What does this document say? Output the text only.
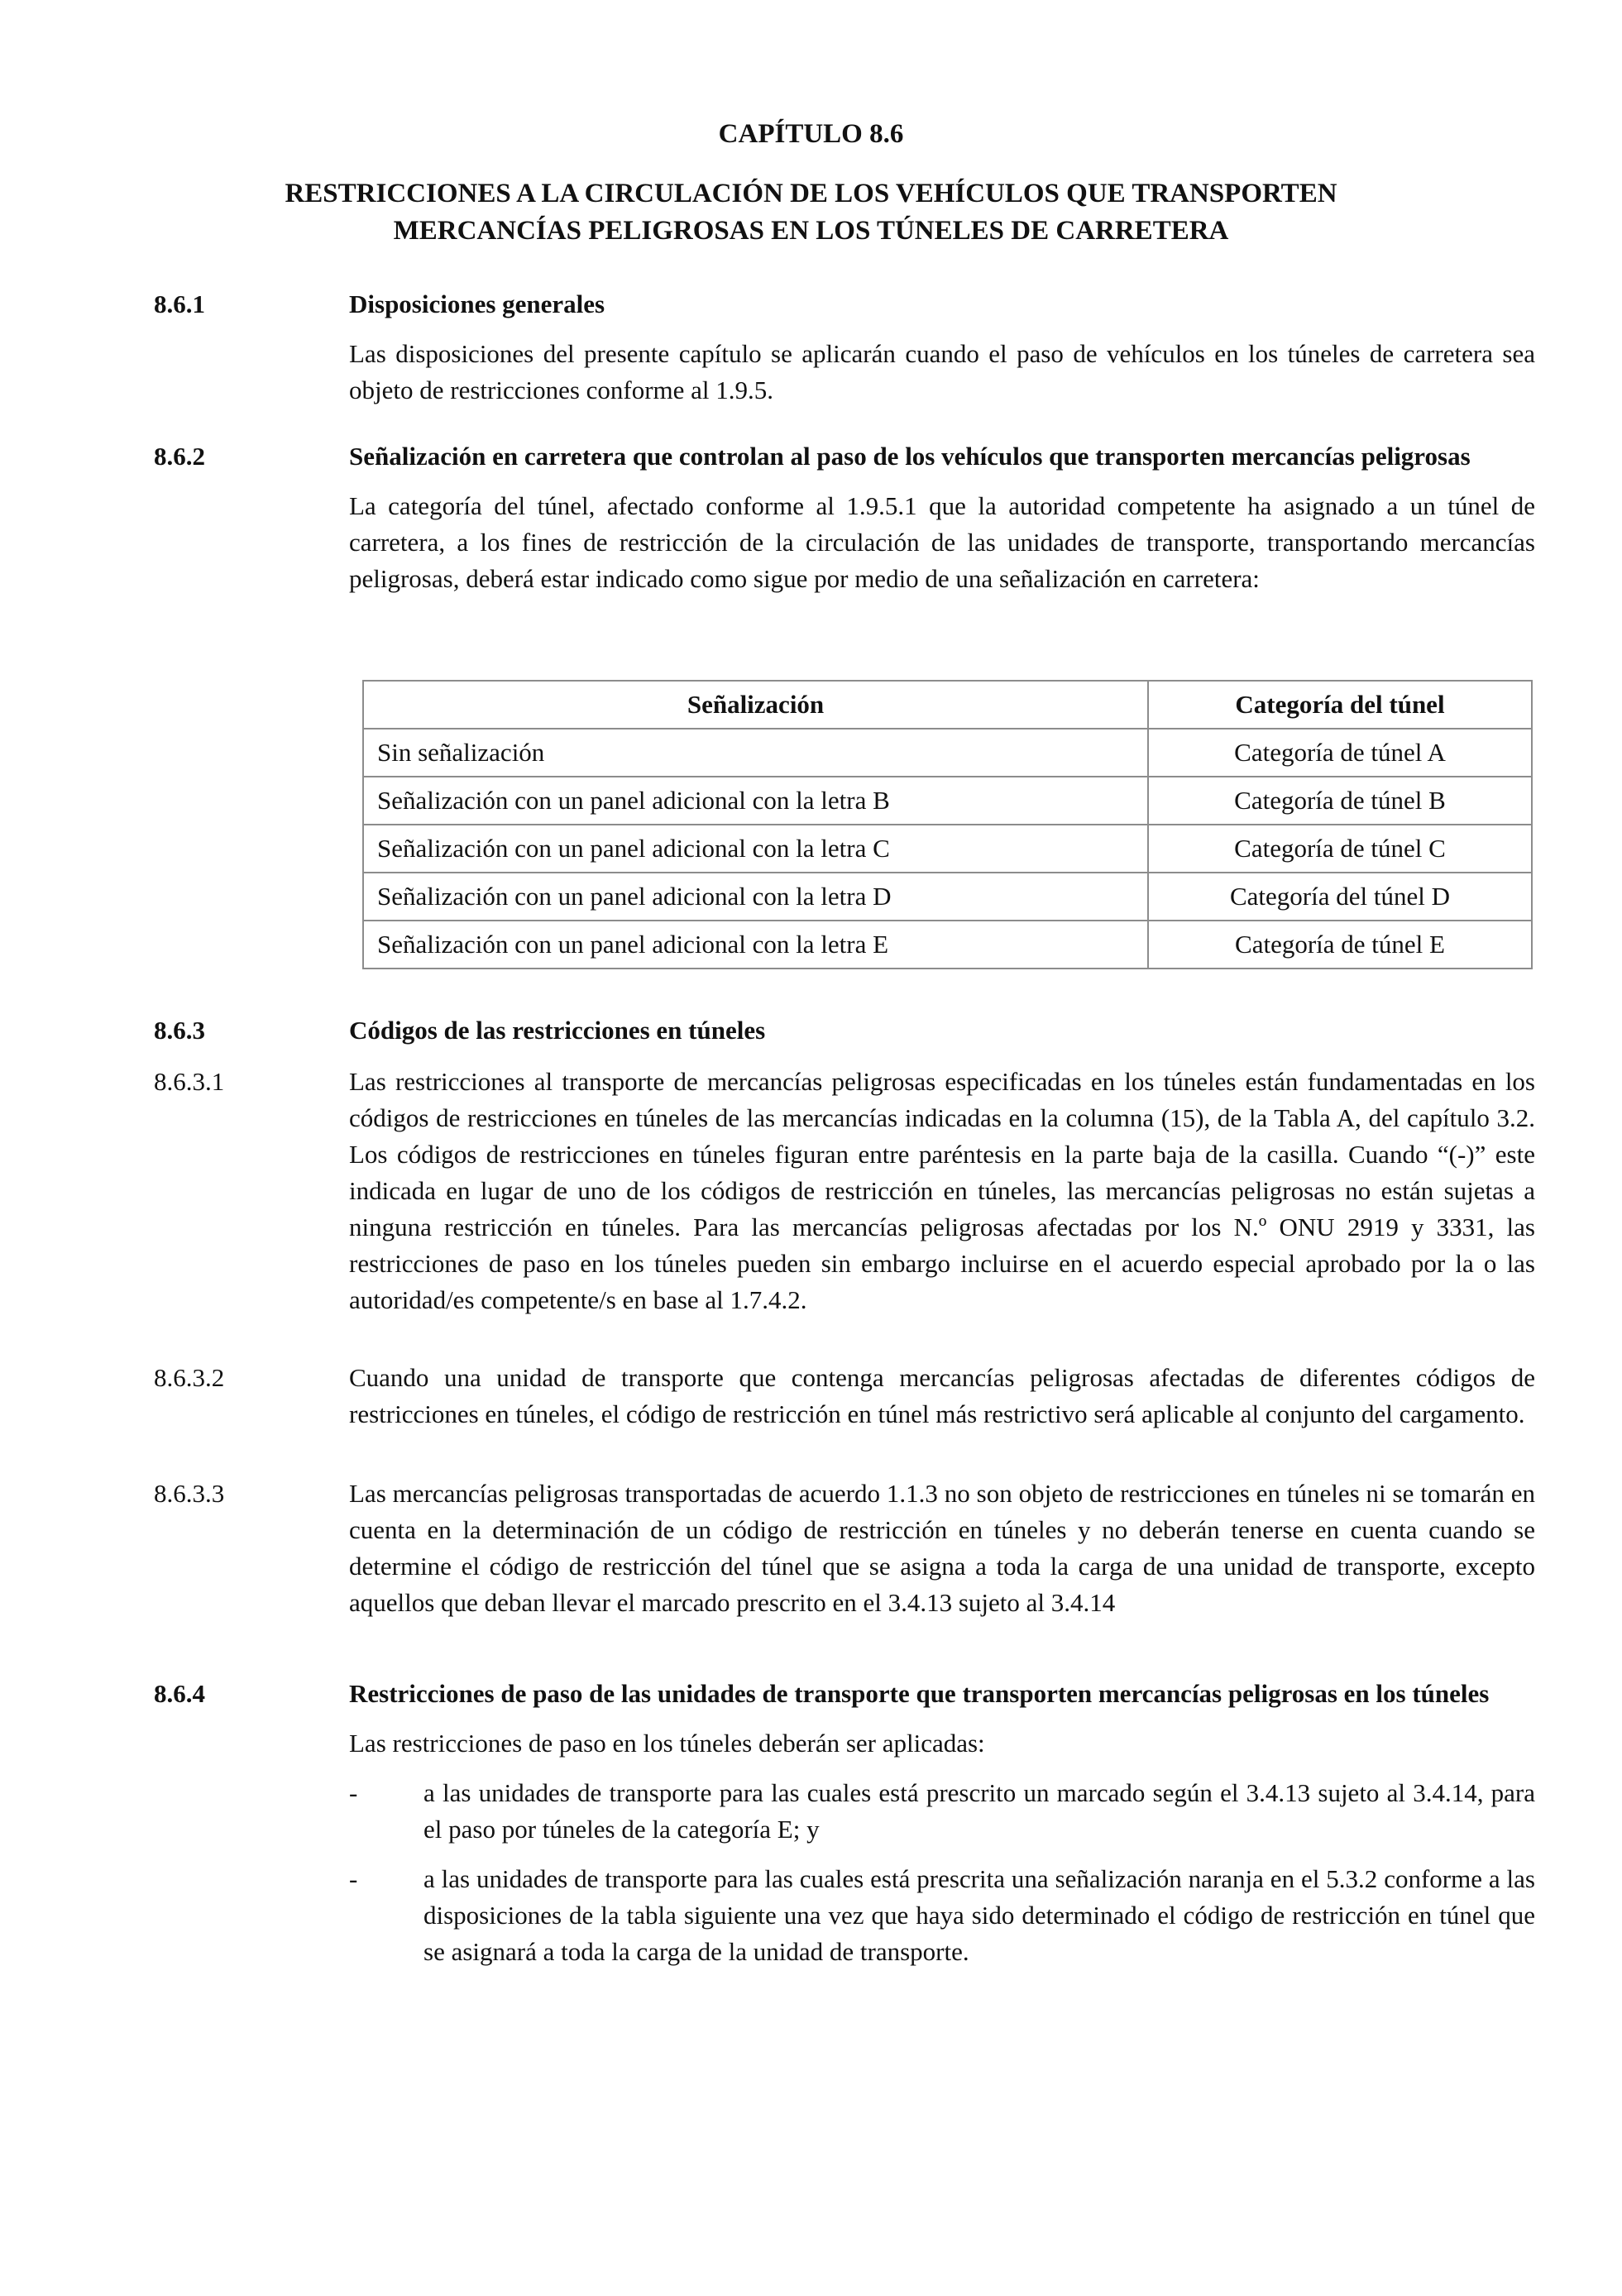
CAPÍTULO 8.6
RESTRICCIONES A LA CIRCULACIÓN DE LOS VEHÍCULOS QUE TRANSPORTEN
MERCANCÍAS PELIGROSAS EN LOS TÚNELES DE CARRETERA
8.6.1	Disposiciones generales
Las disposiciones del presente capítulo se aplicarán cuando el paso de vehículos en los túneles de carretera sea objeto de restricciones conforme al 1.9.5.
8.6.2	Señalización en carretera que controlan al paso de los vehículos que transporten mercancías peligrosas
La categoría del túnel, afectado conforme al 1.9.5.1 que la autoridad competente ha asignado a un túnel de carretera, a los fines de restricción de la circulación de las unidades de transporte, transportando mercancías peligrosas, deberá estar indicado como sigue por medio de una señalización en carretera:
Señalización	Categoría del túnel
Sin señalización	Categoría de túnel A
Señalización con un panel adicional con la letra B	Categoría de túnel B
Señalización con un panel adicional con la letra C	Categoría de túnel C
Señalización con un panel adicional con la letra D	Categoría del túnel D
Señalización con un panel adicional con la letra E	Categoría de túnel E
8.6.3	Códigos de las restricciones en túneles
8.6.3.1	Las restricciones al transporte de mercancías peligrosas especificadas en los túneles están fundamentadas en los códigos de restricciones en túneles de las mercancías indicadas en la columna (15), de la Tabla A, del capítulo 3.2. Los códigos de restricciones en túneles figuran entre paréntesis en la parte baja de la casilla. Cuando “(-)” este indicada en lugar de uno de los códigos de restricción en túneles, las mercancías peligrosas no están sujetas a ninguna restricción en túneles. Para las mercancías peligrosas afectadas por los N.º ONU 2919 y 3331, las restricciones de paso en los túneles pueden sin embargo incluirse en el acuerdo especial aprobado por la o las autoridad/es competente/s en base al 1.7.4.2.
8.6.3.2	Cuando una unidad de transporte que contenga mercancías peligrosas afectadas de diferentes códigos de restricciones en túneles, el código de restricción en túnel más restrictivo será aplicable al conjunto del cargamento.
8.6.3.3	Las mercancías peligrosas transportadas de acuerdo 1.1.3 no son objeto de restricciones en túneles ni se tomarán en cuenta en la determinación de un código de restricción en túneles y no deberán tenerse en cuenta cuando se determine el código de restricción del túnel que se asigna a toda la carga de una unidad de transporte, excepto aquellos que deban llevar el marcado prescrito en el 3.4.13 sujeto al 3.4.14
8.6.4	Restricciones de paso de las unidades de transporte que transporten mercancías peligrosas en los túneles
Las restricciones de paso en los túneles deberán ser aplicadas:
-	a las unidades de transporte para las cuales está prescrito un marcado según el 3.4.13 sujeto al 3.4.14, para el paso por túneles de la categoría E; y
-	a las unidades de transporte para las cuales está prescrita una señalización naranja en el 5.3.2 conforme a las disposiciones de la tabla siguiente una vez que haya sido determinado el código de restricción en túnel que se asignará a toda la carga de la unidad de transporte.
